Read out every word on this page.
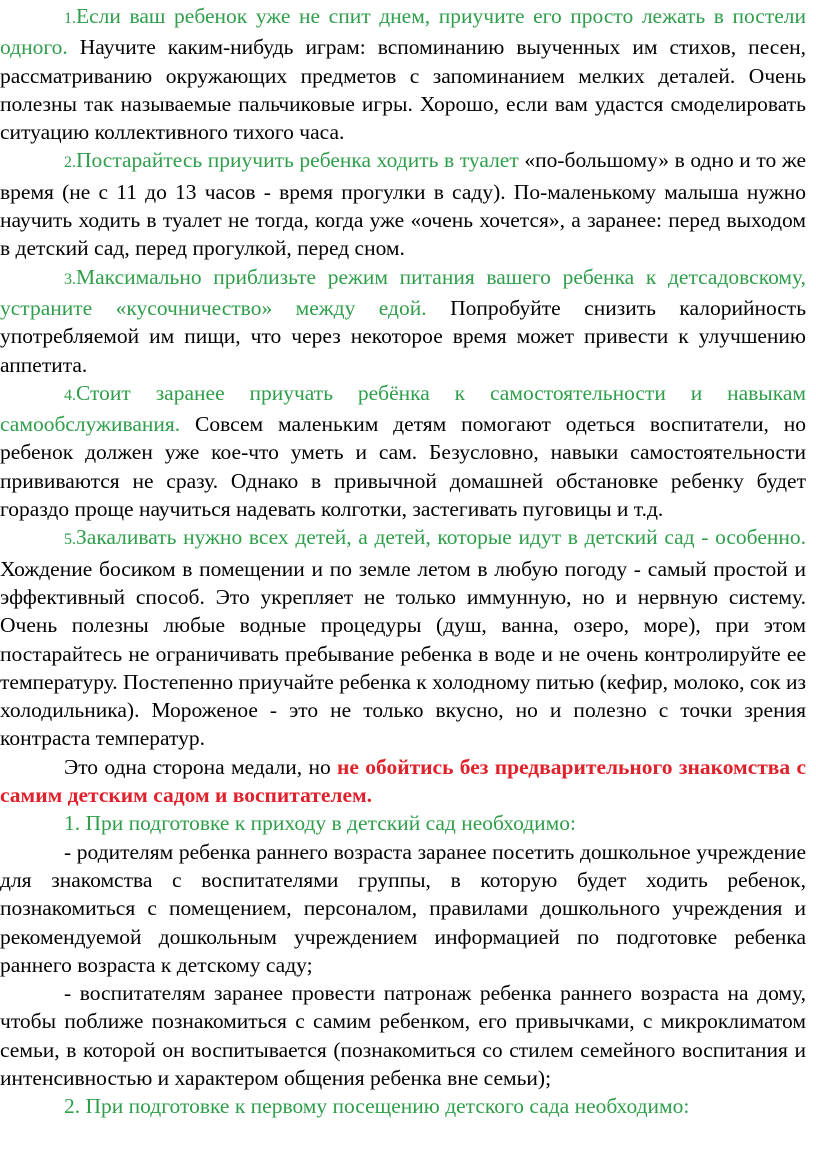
1.Если ваш ребенок уже не спит днем, приучите его просто лежать в постели одного. Научите каким-нибудь играм: вспоминанию выученных им стихов, песен, рассматриванию окружающих предметов с запоминанием мелких деталей. Очень полезны так называемые пальчиковые игры. Хорошо, если вам удастся смоделировать ситуацию коллективного тихого часа.

2.Постарайтесь приучить ребенка ходить в туалет «по-большому» в одно и то же время (не с 11 до 13 часов - время прогулки в саду). По-маленькому малыша нужно научить ходить в туалет не тогда, когда уже «очень хочется», а заранее: перед выходом в детский сад, перед прогулкой, перед сном.

3.Максимально приблизьте режим питания вашего ребенка к детсадовскому, устраните «кусочничество» между едой. Попробуйте снизить калорийность употребляемой им пищи, что через некоторое время может привести к улучшению аппетита.

4.Стоит заранее приучать ребёнка к самостоятельности и навыкам самообслуживания. Совсем маленьким детям помогают одеться воспитатели, но ребенок должен уже кое-что уметь и сам. Безусловно, навыки самостоятельности прививаются не сразу. Однако в привычной домашней обстановке ребенку будет гораздо проще научиться надевать колготки, застегивать пуговицы и т.д.

5.Закаливать нужно всех детей, а детей, которые идут в детский сад - особенно. Хождение босиком в помещении и по земле летом в любую погоду - самый простой и эффективный способ. Это укрепляет не только иммунную, но и нервную систему. Очень полезны любые водные процедуры (душ, ванна, озеро, море), при этом постарайтесь не ограничивать пребывание ребенка в воде и не очень контролируйте ее температуру. Постепенно приучайте ребенка к холодному питью (кефир, молоко, сок из холодильника). Мороженое - это не только вкусно, но и полезно с точки зрения контраста температур.

Это одна сторона медали, но не обойтись без предварительного знакомства с самим детским садом и воспитателем.

1. При подготовке к приходу в детский сад необходимо:

- родителям ребенка раннего возраста заранее посетить дошкольное учреждение для знакомства с воспитателями группы, в которую будет ходить ребенок, познакомиться с помещением, персоналом, правилами дошкольного учреждения и рекомендуемой дошкольным учреждением информацией по подготовке ребенка раннего возраста к детскому саду;

- воспитателям заранее провести патронаж ребенка раннего возраста на дому, чтобы поближе познакомиться с самим ребенком, его привычками, с микроклиматом семьи, в которой он воспитывается (познакомиться со стилем семейного воспитания и интенсивностью и характером общения ребенка вне семьи);

2. При подготовке к первому посещению детского сада необходимо:
